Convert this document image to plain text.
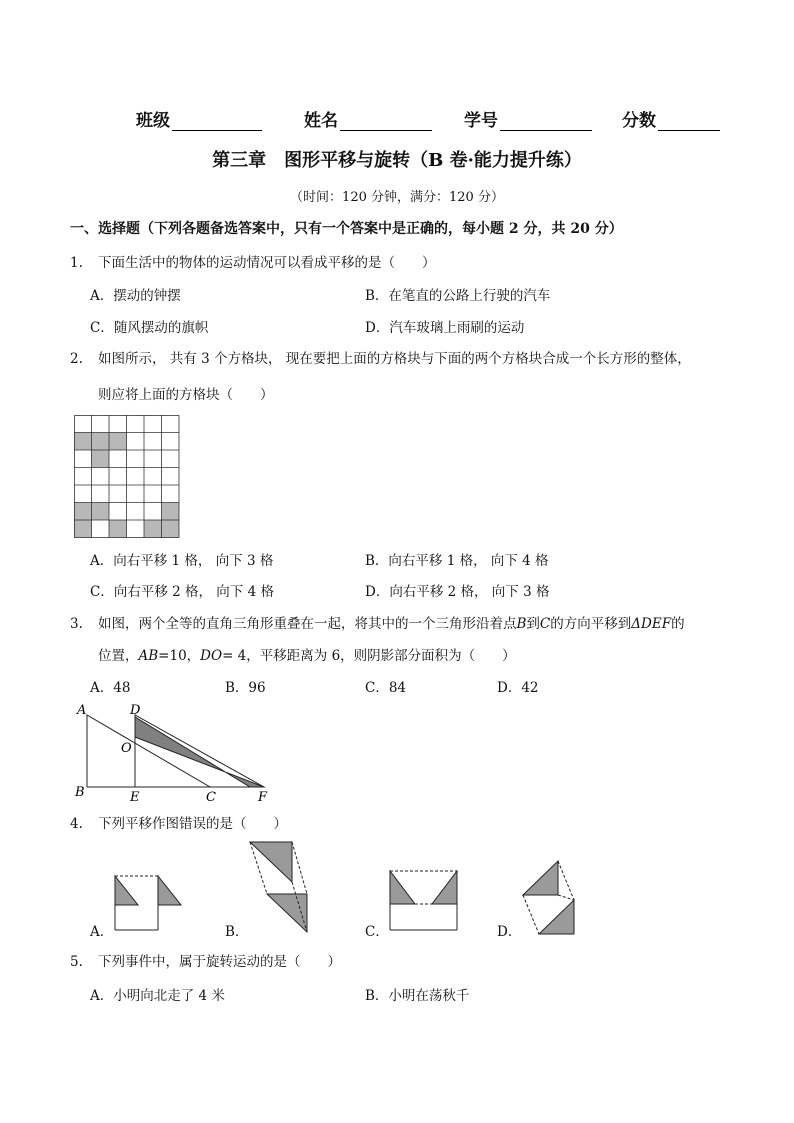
班级	姓名	学号	分数
第三章　图形平移与旋转（B 卷·能力提升练）
（时间：120 分钟，满分：120 分）
一、选择题（下列各题备选答案中，只有一个答案中是正确的，每小题 2 分，共 20 分）
1. 下面生活中的物体的运动情况可以看成平移的是（　　）
A．摆动的钟摆	B．在笔直的公路上行驶的汽车
C．随风摆动的旗帜	D．汽车玻璃上雨刷的运动
2. 如图所示， 共有 3 个方格块， 现在要把上面的方格块与下面的两个方格块合成一个长方形的整体，
则应将上面的方格块（　　）
A．向右平移 1 格， 向下 3 格	B．向右平移 1 格， 向下 4 格
C．向右平移 2 格， 向下 4 格	D．向右平移 2 格， 向下 3 格
3. 如图，两个全等的直角三角形重叠在一起，将其中的一个三角形沿着点B到C的方向平移到ΔDEF的
位置，AB=10，DO= 4，平移距离为 6，则阴影部分面积为（　　）
A．48	B．96	C．84	D．42
A	D
O
B	E	C	F
4. 下列平移作图错误的是（　　）
A．	B．	C．	D．
5. 下列事件中，属于旋转运动的是（　　）
A．小明向北走了 4 米	B．小明在荡秋千
